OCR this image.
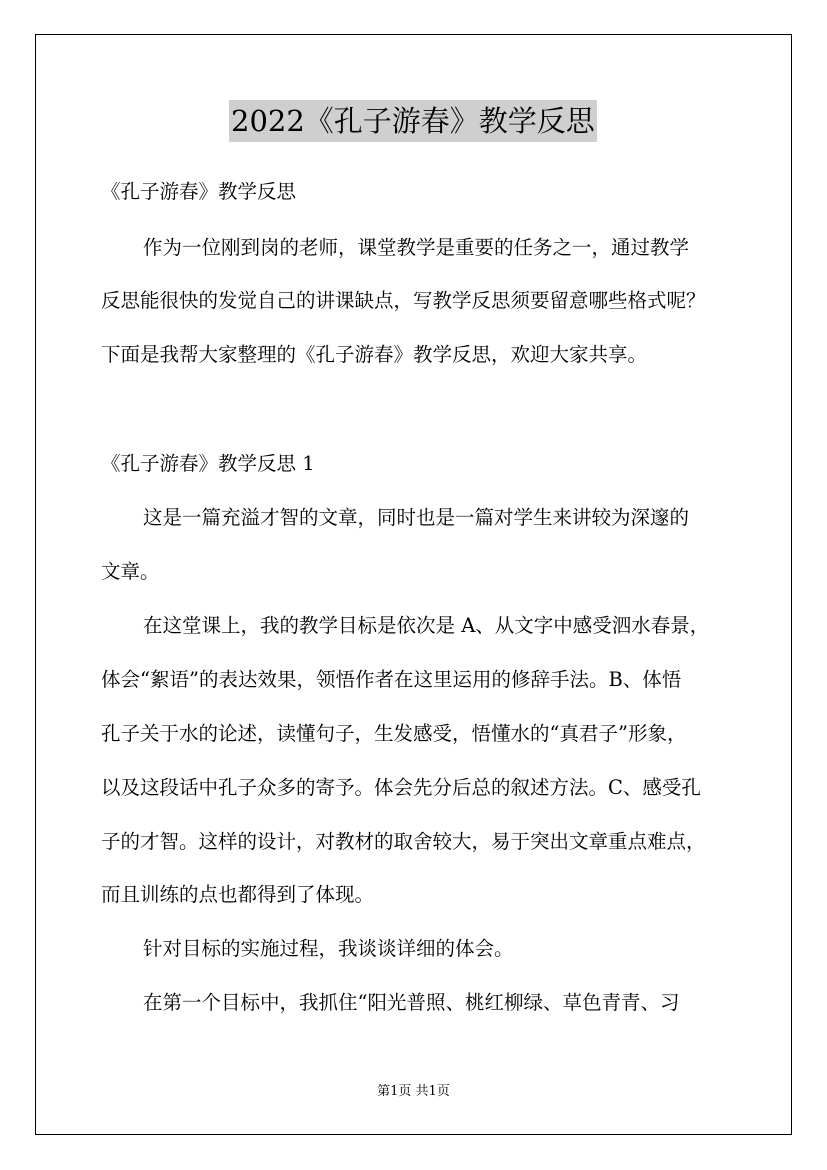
2022《孔子游春》教学反思
《孔子游春》教学反思
作为一位刚到岗的老师，课堂教学是重要的任务之一，通过教学
反思能很快的发觉自己的讲课缺点，写教学反思须要留意哪些格式呢？
下面是我帮大家整理的《孔子游春》教学反思，欢迎大家共享。
《孔子游春》教学反思 1
这是一篇充溢才智的文章，同时也是一篇对学生来讲较为深邃的
文章。
在这堂课上，我的教学目标是依次是 A、从文字中感受泗水春景，
体会“絮语”的表达效果，领悟作者在这里运用的修辞手法。B、体悟
孔子关于水的论述，读懂句子，生发感受，悟懂水的“真君子”形象，
以及这段话中孔子众多的寄予。体会先分后总的叙述方法。C、感受孔
子的才智。这样的设计，对教材的取舍较大，易于突出文章重点难点，
而且训练的点也都得到了体现。
针对目标的实施过程，我谈谈详细的体会。
在第一个目标中，我抓住“阳光普照、桃红柳绿、草色青青、习
第1页 共1页
